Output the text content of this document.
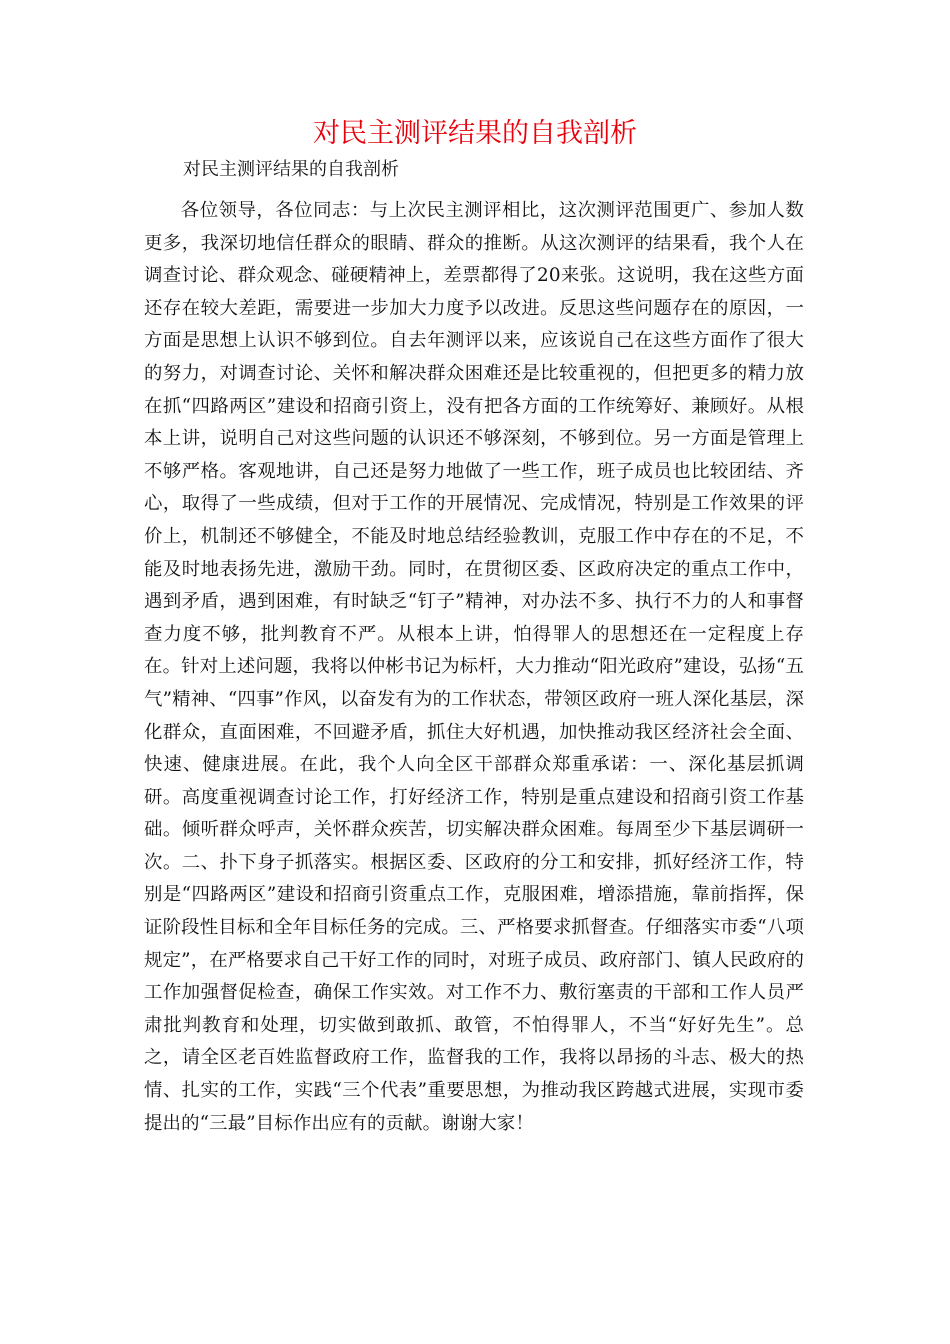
对民主测评结果的自我剖析

对民主测评结果的自我剖析

各位领导，各位同志：与上次民主测评相比，这次测评范围更广、参加人数更多，我深切地信任群众的眼睛、群众的推断。从这次测评的结果看，我个人在调查讨论、群众观念、碰硬精神上，差票都得了20来张。这说明，我在这些方面还存在较大差距，需要进一步加大力度予以改进。反思这些问题存在的原因，一方面是思想上认识不够到位。自去年测评以来，应该说自己在这些方面作了很大的努力，对调查讨论、关怀和解决群众困难还是比较重视的，但把更多的精力放在抓“四路两区”建设和招商引资上，没有把各方面的工作统筹好、兼顾好。从根本上讲，说明自己对这些问题的认识还不够深刻，不够到位。另一方面是管理上不够严格。客观地讲，自己还是努力地做了一些工作，班子成员也比较团结、齐心，取得了一些成绩，但对于工作的开展情况、完成情况，特别是工作效果的评价上，机制还不够健全，不能及时地总结经验教训，克服工作中存在的不足，不能及时地表扬先进，激励干劲。同时，在贯彻区委、区政府决定的重点工作中，遇到矛盾，遇到困难，有时缺乏“钉子”精神，对办法不多、执行不力的人和事督查力度不够，批判教育不严。从根本上讲，怕得罪人的思想还在一定程度上存在。针对上述问题，我将以仲彬书记为标杆，大力推动“阳光政府”建设，弘扬“五气”精神、“四事”作风，以奋发有为的工作状态，带领区政府一班人深化基层，深化群众，直面困难，不回避矛盾，抓住大好机遇，加快推动我区经济社会全面、快速、健康进展。在此，我个人向全区干部群众郑重承诺：一、深化基层抓调研。高度重视调查讨论工作，打好经济工作，特别是重点建设和招商引资工作基础。倾听群众呼声，关怀群众疾苦，切实解决群众困难。每周至少下基层调研一次。二、扑下身子抓落实。根据区委、区政府的分工和安排，抓好经济工作，特别是“四路两区”建设和招商引资重点工作，克服困难，增添措施，靠前指挥，保证阶段性目标和全年目标任务的完成。三、严格要求抓督查。仔细落实市委“八项规定”，在严格要求自己干好工作的同时，对班子成员、政府部门、镇人民政府的工作加强督促检查，确保工作实效。对工作不力、敷衍塞责的干部和工作人员严肃批判教育和处理，切实做到敢抓、敢管，不怕得罪人，不当“好好先生”。总之，请全区老百姓监督政府工作，监督我的工作，我将以昂扬的斗志、极大的热情、扎实的工作，实践“三个代表”重要思想，为推动我区跨越式进展，实现市委提出的“三最”目标作出应有的贡献。谢谢大家！
